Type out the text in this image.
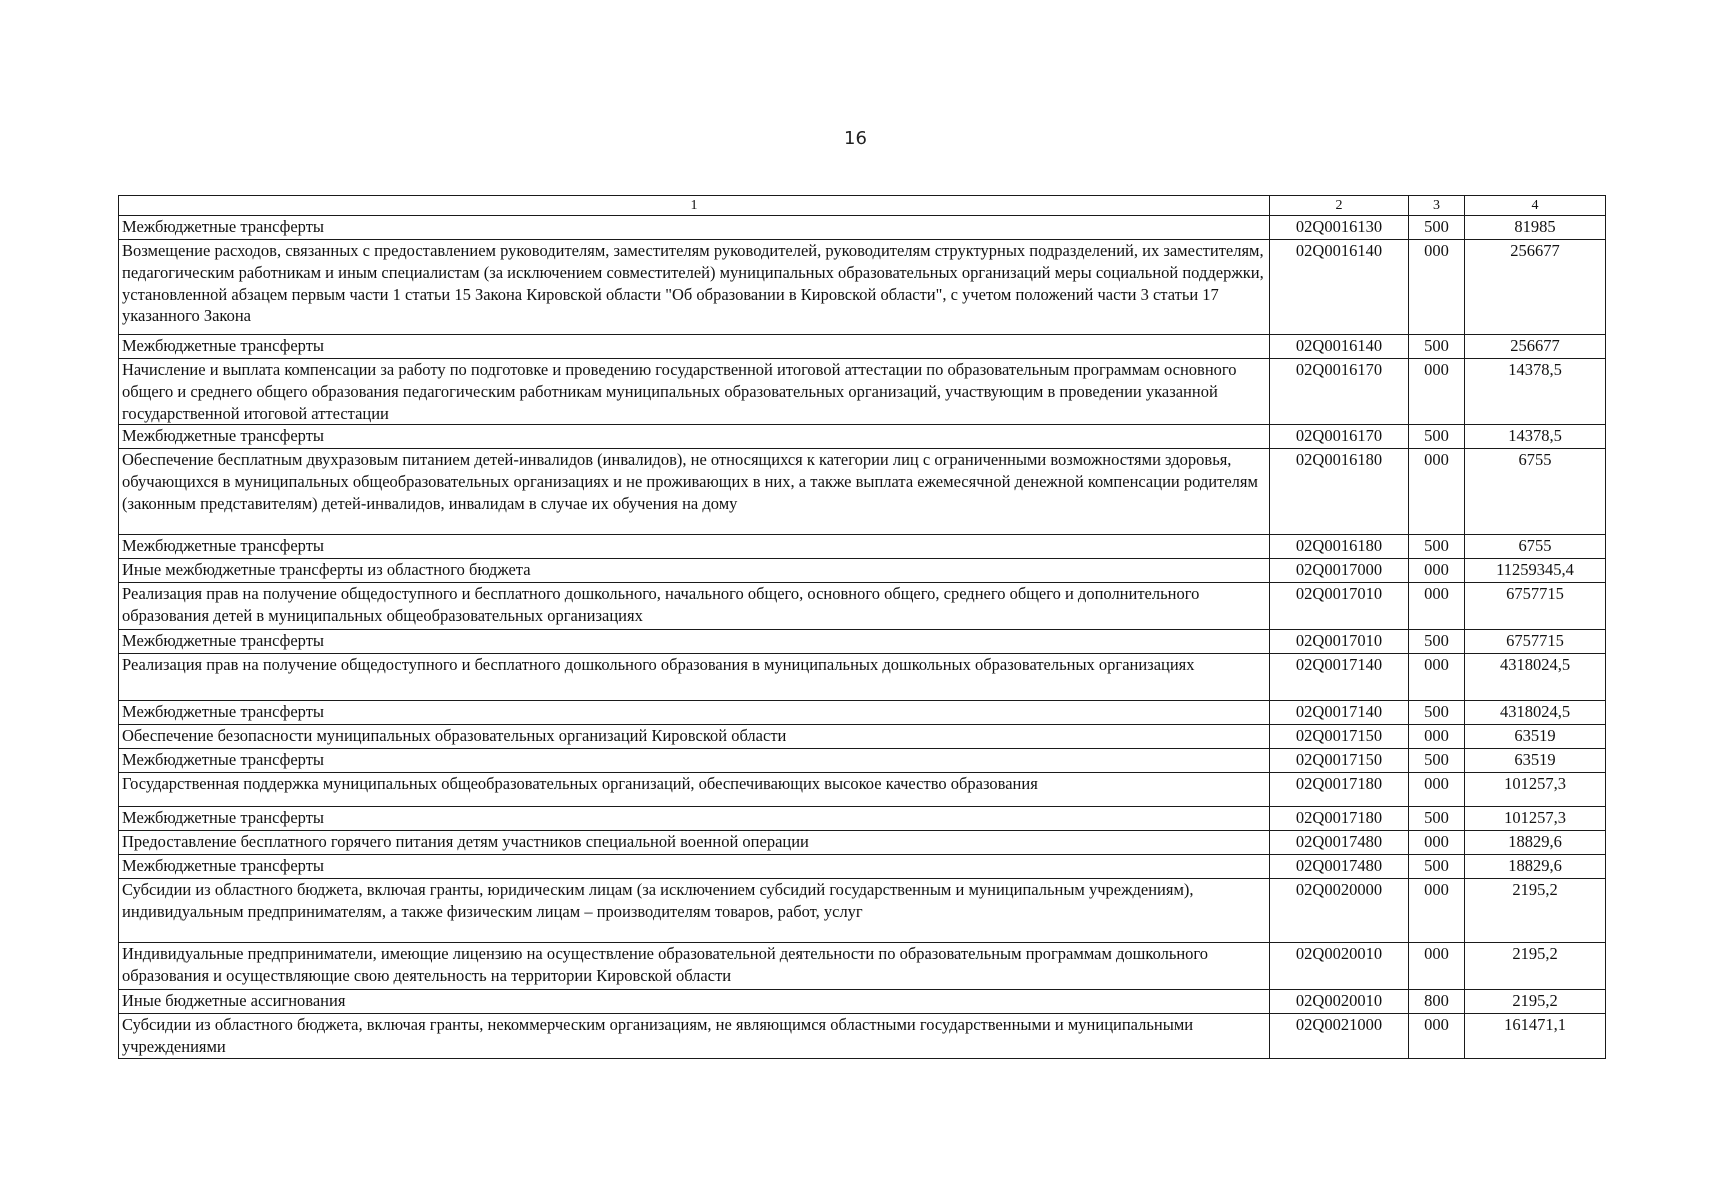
16
1	2	3	4
Межбюджетные трансферты	02Q0016130	500	81985
Возмещение расходов, связанных с предоставлением руководителям, заместителям руководителей, руководителям структурных подразделений, их заместителям, педагогическим работникам и иным специалистам (за исключением совместителей) муниципальных образовательных организаций меры социальной поддержки, установленной абзацем первым части 1 статьи 15 Закона Кировской области "Об образовании в Кировской области", с учетом положений части 3 статьи 17 указанного Закона	02Q0016140	000	256677
Межбюджетные трансферты	02Q0016140	500	256677
Начисление и выплата компенсации за работу по подготовке и проведению государственной итоговой аттестации по образовательным программам основного общего и среднего общего образования педагогическим работникам муниципальных образовательных организаций, участвующим в проведении указанной государственной итоговой аттестации	02Q0016170	000	14378,5
Межбюджетные трансферты	02Q0016170	500	14378,5
Обеспечение бесплатным двухразовым питанием детей-инвалидов (инвалидов), не относящихся к категории лиц с ограниченными возможностями здоровья, обучающихся в муниципальных общеобразовательных организациях и не проживающих в них, а также выплата ежемесячной денежной компенсации родителям (законным представителям) детей-инвалидов, инвалидам в случае их обучения на дому	02Q0016180	000	6755
Межбюджетные трансферты	02Q0016180	500	6755
Иные межбюджетные трансферты из областного бюджета	02Q0017000	000	11259345,4
Реализация прав на получение общедоступного и бесплатного дошкольного, начального общего, основного общего, среднего общего и дополнительного образования детей в муниципальных общеобразовательных организациях	02Q0017010	000	6757715
Межбюджетные трансферты	02Q0017010	500	6757715
Реализация прав на получение общедоступного и бесплатного дошкольного образования в муниципальных дошкольных образовательных организациях	02Q0017140	000	4318024,5
Межбюджетные трансферты	02Q0017140	500	4318024,5
Обеспечение безопасности муниципальных образовательных организаций Кировской области	02Q0017150	000	63519
Межбюджетные трансферты	02Q0017150	500	63519
Государственная поддержка муниципальных общеобразовательных организаций, обеспечивающих высокое качество образования	02Q0017180	000	101257,3
Межбюджетные трансферты	02Q0017180	500	101257,3
Предоставление бесплатного горячего питания детям участников специальной военной операции	02Q0017480	000	18829,6
Межбюджетные трансферты	02Q0017480	500	18829,6
Субсидии из областного бюджета, включая гранты, юридическим лицам (за исключением субсидий государственным и муниципальным учреждениям), индивидуальным предпринимателям, а также физическим лицам – производителям товаров, работ, услуг	02Q0020000	000	2195,2
Индивидуальные предприниматели, имеющие лицензию на осуществление образовательной деятельности по образовательным программам дошкольного образования и осуществляющие свою деятельность на территории Кировской области	02Q0020010	000	2195,2
Иные бюджетные ассигнования	02Q0020010	800	2195,2
Субсидии из областного бюджета, включая гранты, некоммерческим организациям, не являющимся областными государственными и муниципальными учреждениями	02Q0021000	000	161471,1
